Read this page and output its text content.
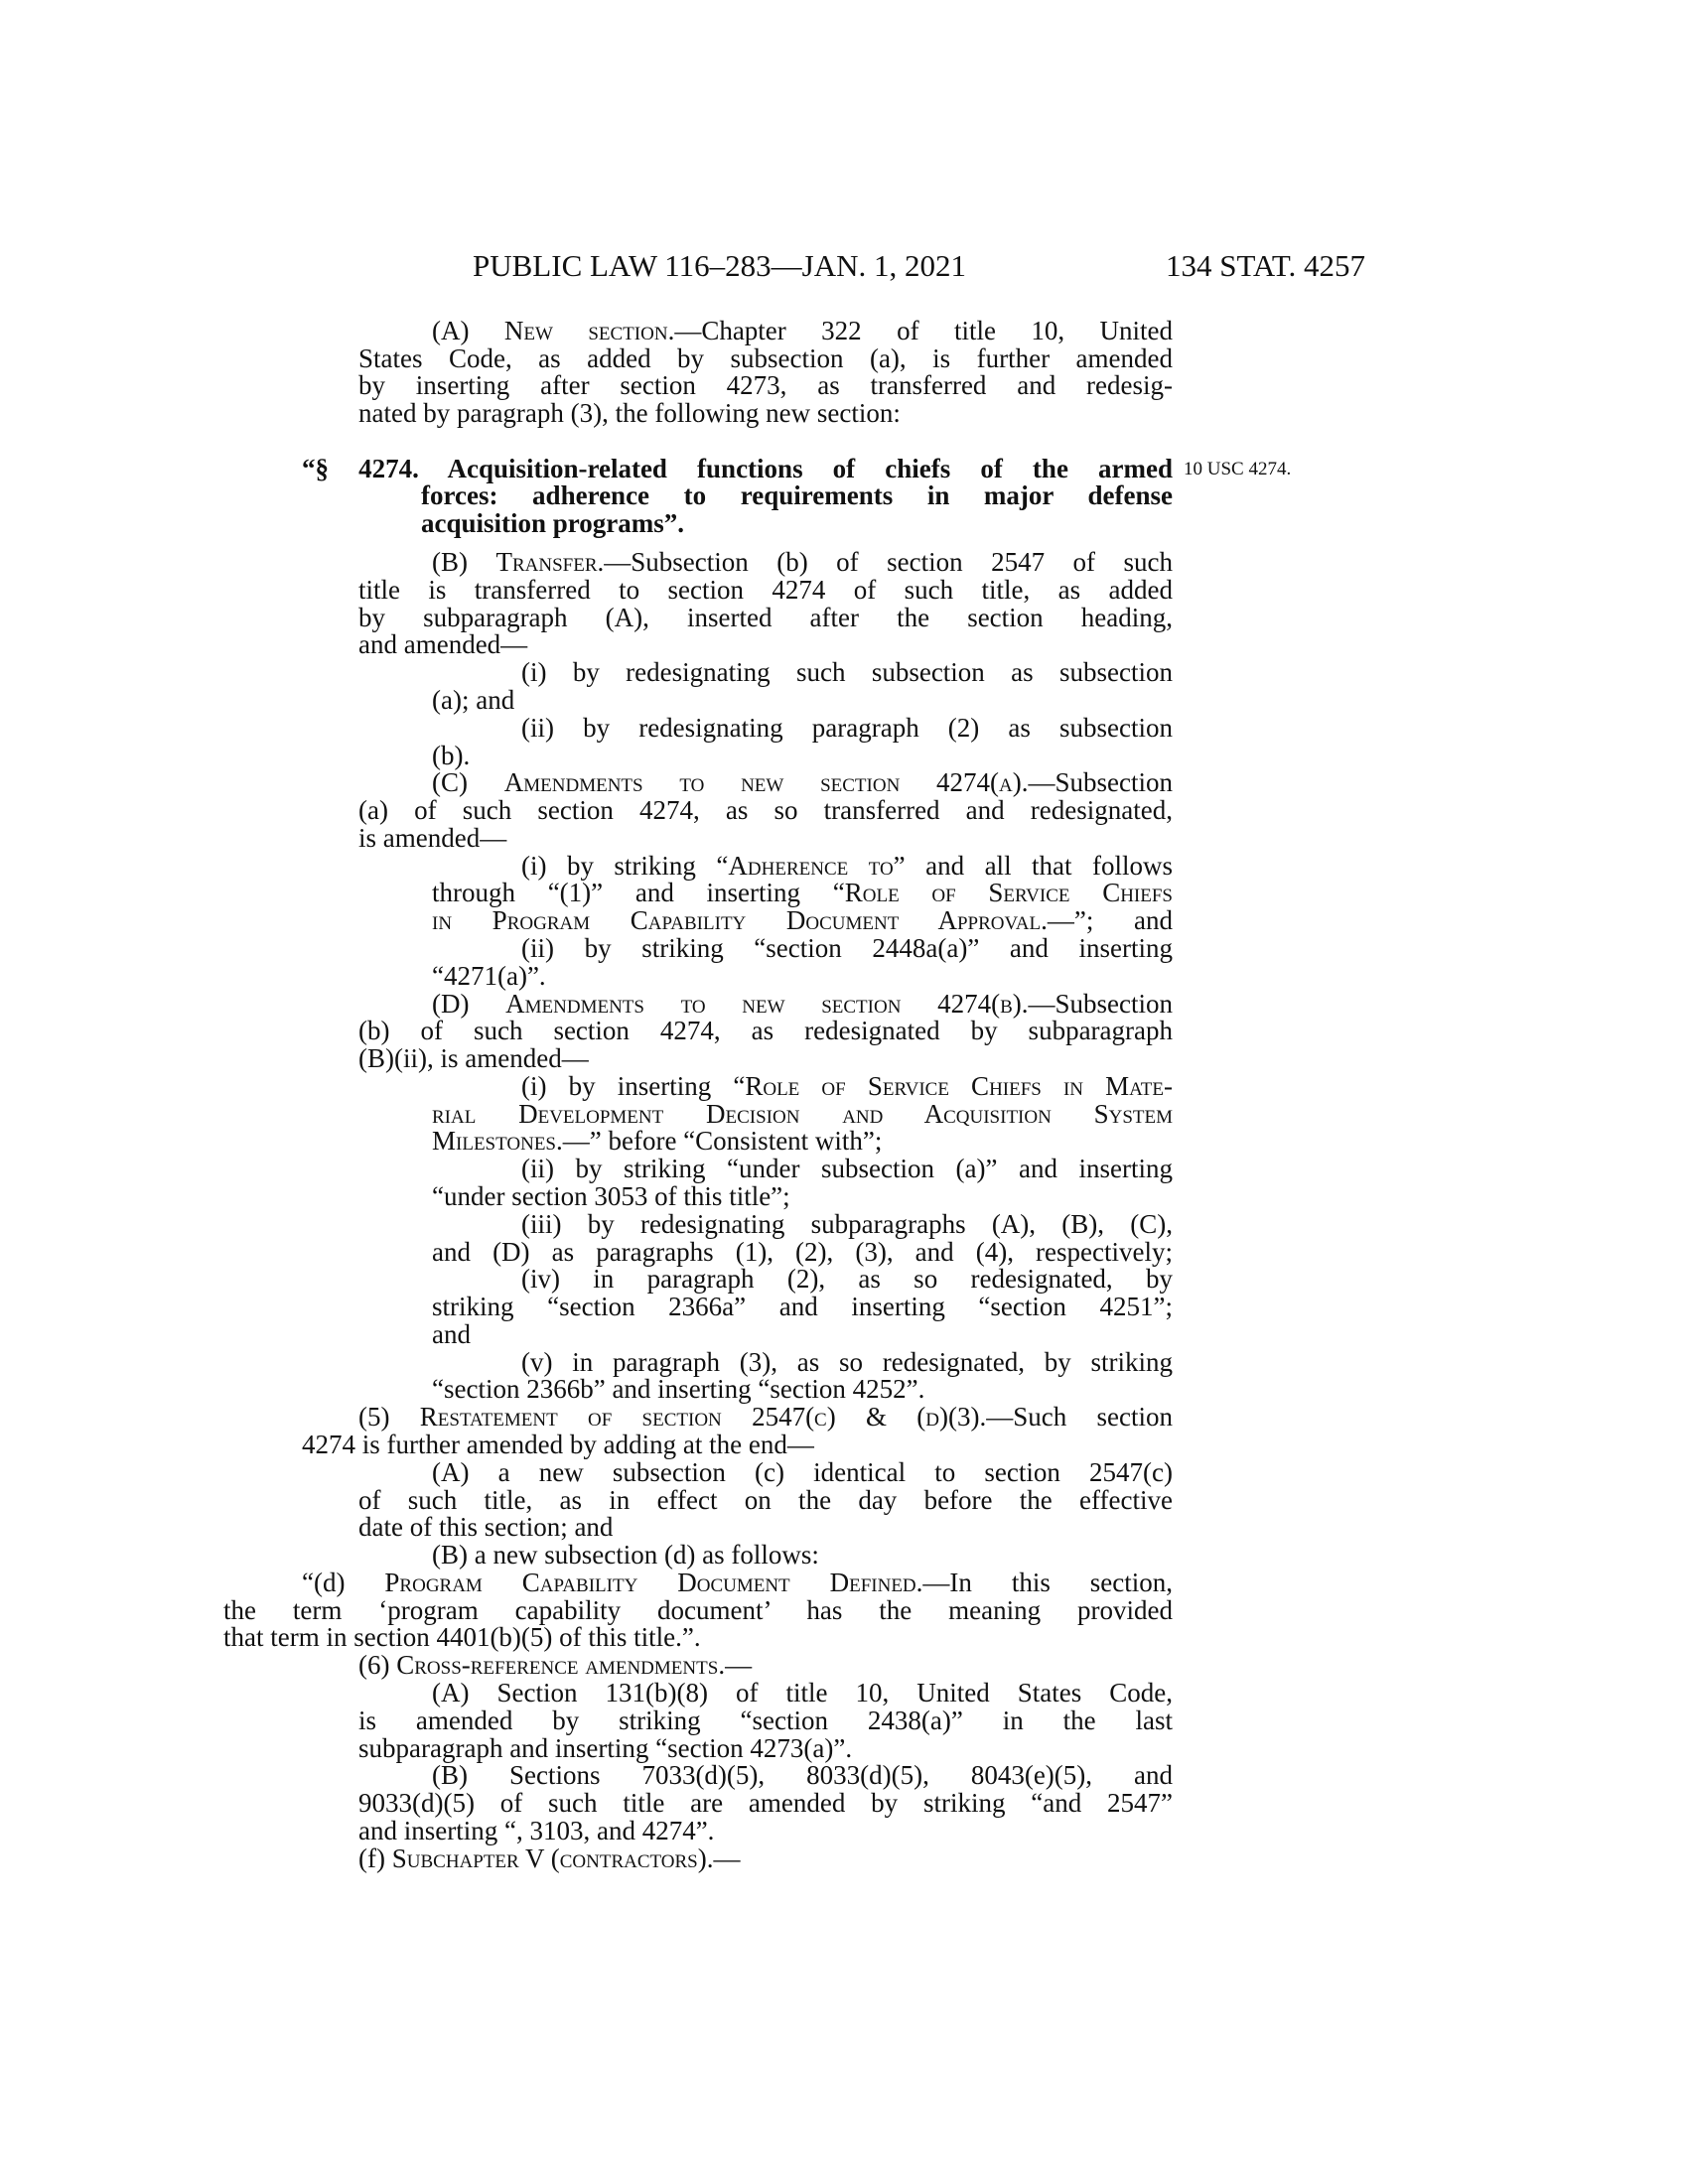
PUBLIC LAW 116–283—JAN. 1, 2021	134 STAT. 4257
10 USC 4274.
(A) New section.—Chapter 322 of title 10, United
States Code, as added by subsection (a), is further amended
by inserting after section 4273, as transferred and redesig-
nated by paragraph (3), the following new section:
“§ 4274. Acquisition-related functions of chiefs of the armed
forces: adherence to requirements in major defense
acquisition programs”.
(B) Transfer.—Subsection (b) of section 2547 of such
title is transferred to section 4274 of such title, as added
by subparagraph (A), inserted after the section heading,
and amended—
(i) by redesignating such subsection as subsection
(a); and
(ii) by redesignating paragraph (2) as subsection
(b).
(C) Amendments to new section 4274(a).—Subsection
(a) of such section 4274, as so transferred and redesignated,
is amended—
(i) by striking “Adherence to” and all that follows
through “(1)” and inserting “Role of Service Chiefs
in Program Capability Document Approval.—”; and
(ii) by striking “section 2448a(a)” and inserting
“4271(a)”.
(D) Amendments to new section 4274(b).—Subsection
(b) of such section 4274, as redesignated by subparagraph
(B)(ii), is amended—
(i) by inserting “Role of Service Chiefs in Mate-
rial Development Decision and Acquisition System
Milestones.—” before “Consistent with”;
(ii) by striking “under subsection (a)” and inserting
“under section 3053 of this title”;
(iii) by redesignating subparagraphs (A), (B), (C),
and (D) as paragraphs (1), (2), (3), and (4), respectively;
(iv) in paragraph (2), as so redesignated, by
striking “section 2366a” and inserting “section 4251”;
and
(v) in paragraph (3), as so redesignated, by striking
“section 2366b” and inserting “section 4252”.
(5) Restatement of section 2547(c) & (d)(3).—Such section
4274 is further amended by adding at the end—
(A) a new subsection (c) identical to section 2547(c)
of such title, as in effect on the day before the effective
date of this section; and
(B) a new subsection (d) as follows:
“(d) Program Capability Document Defined.—In this section,
the term ‘program capability document’ has the meaning provided
that term in section 4401(b)(5) of this title.”.
(6) Cross-reference amendments.—
(A) Section 131(b)(8) of title 10, United States Code,
is amended by striking “section 2438(a)” in the last
subparagraph and inserting “section 4273(a)”.
(B) Sections 7033(d)(5), 8033(d)(5), 8043(e)(5), and
9033(d)(5) of such title are amended by striking “and 2547”
and inserting “, 3103, and 4274”.
(f) Subchapter V (contractors).—
